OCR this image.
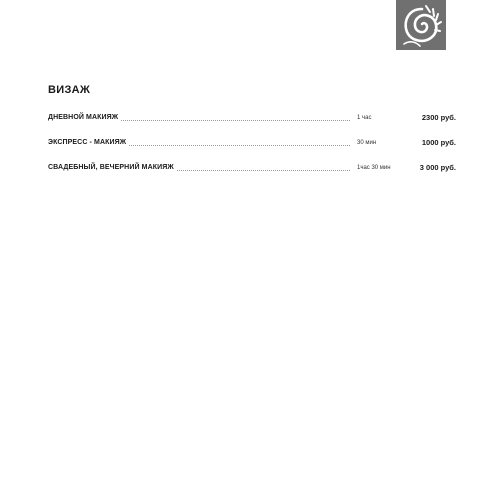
ВИЗАЖ
ДНЕВНОЙ МАКИЯЖ	1 час	2300 руб.
ЭКСПРЕСС - МАКИЯЖ	30 мин	1000 руб.
СВАДЕБНЫЙ, ВЕЧЕРНИЙ МАКИЯЖ	1час 30 мин	3 000 руб.
